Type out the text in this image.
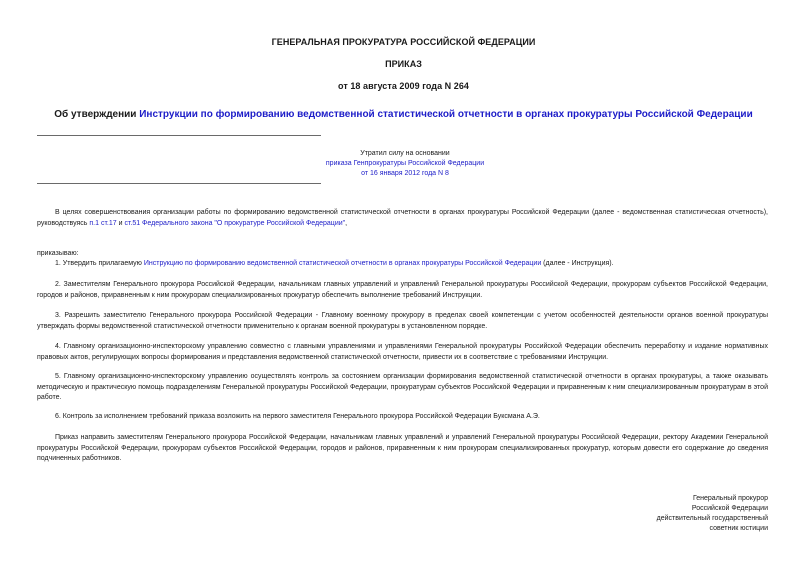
ГЕНЕРАЛЬНАЯ ПРОКУРАТУРА РОССИЙСКОЙ ФЕДЕРАЦИИ
ПРИКАЗ
от 18 августа 2009 года N 264
Об утверждении Инструкции по формированию ведомственной статистической отчетности в органах прокуратуры Российской Федерации
Утратил силу на основании
приказа Генпрокуратуры Российской Федерации
от 16 января 2012 года N 8

В целях совершенствования организации работы по формированию ведомственной статистической отчетности в органах прокуратуры Российской Федерации (далее - ведомственная статистическая отчетность), руководствуясь п.1 ст.17 и ст.51 Федерального закона "О прокуратуре Российской Федерации",

приказываю:

1. Утвердить прилагаемую Инструкцию по формированию ведомственной статистической отчетности в органах прокуратуры Российской Федерации (далее - Инструкция).

2. Заместителям Генерального прокурора Российской Федерации, начальникам главных управлений и управлений Генеральной прокуратуры Российской Федерации, прокурорам субъектов Российской Федерации, городов и районов, приравненным к ним прокурорам специализированных прокуратур обеспечить выполнение требований Инструкции.

3. Разрешить заместителю Генерального прокурора Российской Федерации - Главному военному прокурору в пределах своей компетенции с учетом особенностей деятельности органов военной прокуратуры утверждать формы ведомственной статистической отчетности применительно к органам военной прокуратуры в установленном порядке.

4. Главному организационно-инспекторскому управлению совместно с главными управлениями и управлениями Генеральной прокуратуры Российской Федерации обеспечить переработку и издание нормативных правовых актов, регулирующих вопросы формирования и представления ведомственной статистической отчетности, привести их в соответствие с требованиями Инструкции.

5. Главному организационно-инспекторскому управлению осуществлять контроль за состоянием организации формирования ведомственной статистической отчетности в органах прокуратуры, а также оказывать методическую и практическую помощь подразделениям Генеральной прокуратуры Российской Федерации, прокуратурам субъектов Российской Федерации и приравненным к ним специализированным прокуратурам в этой работе.

6. Контроль за исполнением требований приказа возложить на первого заместителя Генерального прокурора Российской Федерации Буксмана А.Э.

Приказ направить заместителям Генерального прокурора Российской Федерации, начальникам главных управлений и управлений Генеральной прокуратуры Российской Федерации, ректору Академии Генеральной прокуратуры Российской Федерации, прокурорам субъектов Российской Федерации, городов и районов, приравненным к ним прокурорам специализированных прокуратур, которым довести его содержание до сведения подчиненных работников.

Генеральный прокурор
Российской Федерации
действительный государственный
советник юстиции
